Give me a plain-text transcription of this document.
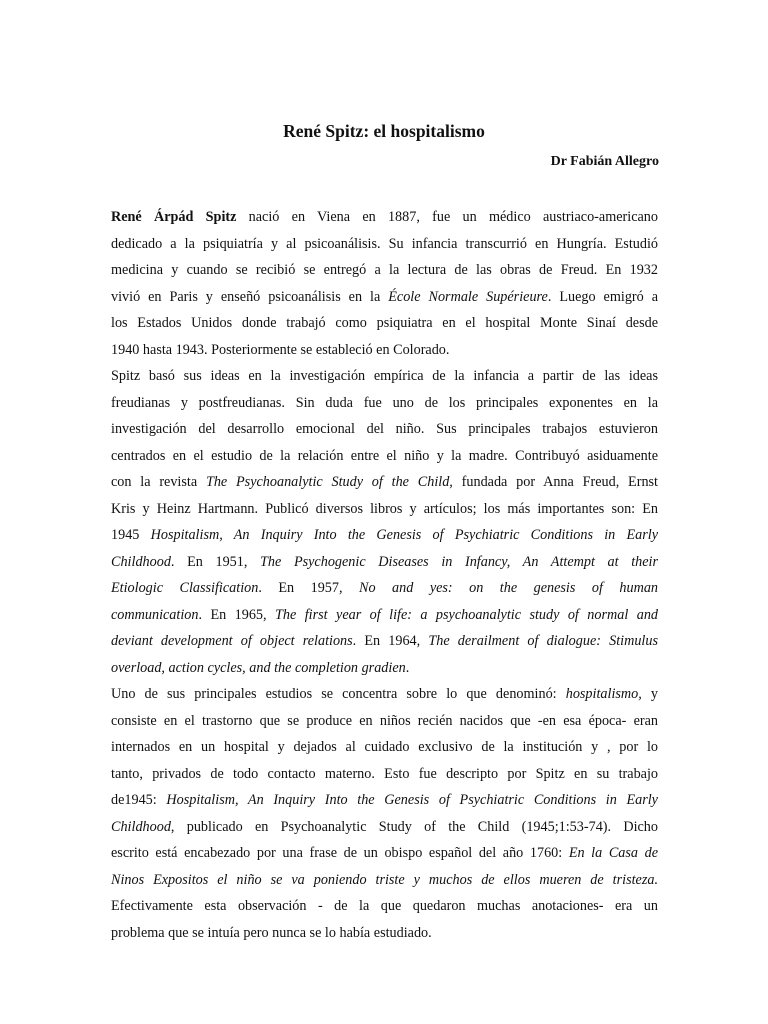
René Spitz: el hospitalismo
Dr Fabián Allegro

René Árpád Spitz nació en Viena en 1887, fue un médico austriaco-americano
dedicado a la psiquiatría y al psicoanálisis. Su infancia transcurrió en Hungría. Estudió
medicina y cuando se recibió se entregó a la lectura de las obras de Freud. En 1932
vivió en Paris y enseñó psicoanálisis en la École Normale Supérieure. Luego emigró a
los Estados Unidos donde trabajó como psiquiatra en el hospital Monte Sinaí desde
1940 hasta 1943. Posteriormente se estableció en Colorado.

Spitz basó sus ideas en la investigación empírica de la infancia a partir de las ideas
freudianas y postfreudianas. Sin duda fue uno de los principales exponentes en la
investigación del desarrollo emocional del niño. Sus principales trabajos estuvieron
centrados en el estudio de la relación entre el niño y la madre. Contribuyó asiduamente
con la revista The Psychoanalytic Study of the Child, fundada por Anna Freud, Ernst
Kris y Heinz Hartmann. Publicó diversos libros y artículos; los más importantes son: En
1945 Hospitalism, An Inquiry Into the Genesis of Psychiatric Conditions in Early
Childhood. En 1951, The Psychogenic Diseases in Infancy, An Attempt at their
Etiologic Classification. En 1957, No and yes: on the genesis of human
communication. En 1965, The first year of life: a psychoanalytic study of normal and
deviant development of object relations. En 1964, The derailment of dialogue: Stimulus
overload, action cycles, and the completion gradien.

Uno de sus principales estudios se concentra sobre lo que denominó: hospitalismo, y
consiste en el trastorno que se produce en niños recién nacidos que -en esa época- eran
internados en un hospital y dejados al cuidado exclusivo de la institución y , por lo
tanto, privados de todo contacto materno. Esto fue descripto por Spitz en su trabajo
de1945: Hospitalism, An Inquiry Into the Genesis of Psychiatric Conditions in Early
Childhood, publicado en Psychoanalytic Study of the Child (1945;1:53-74). Dicho
escrito está encabezado por una frase de un obispo español del año 1760: En la Casa de
Ninos Expositos el niño se va poniendo triste y muchos de ellos mueren de tristeza.
Efectivamente esta observación - de la que quedaron muchas anotaciones- era un
problema que se intuía pero nunca se lo había estudiado.
